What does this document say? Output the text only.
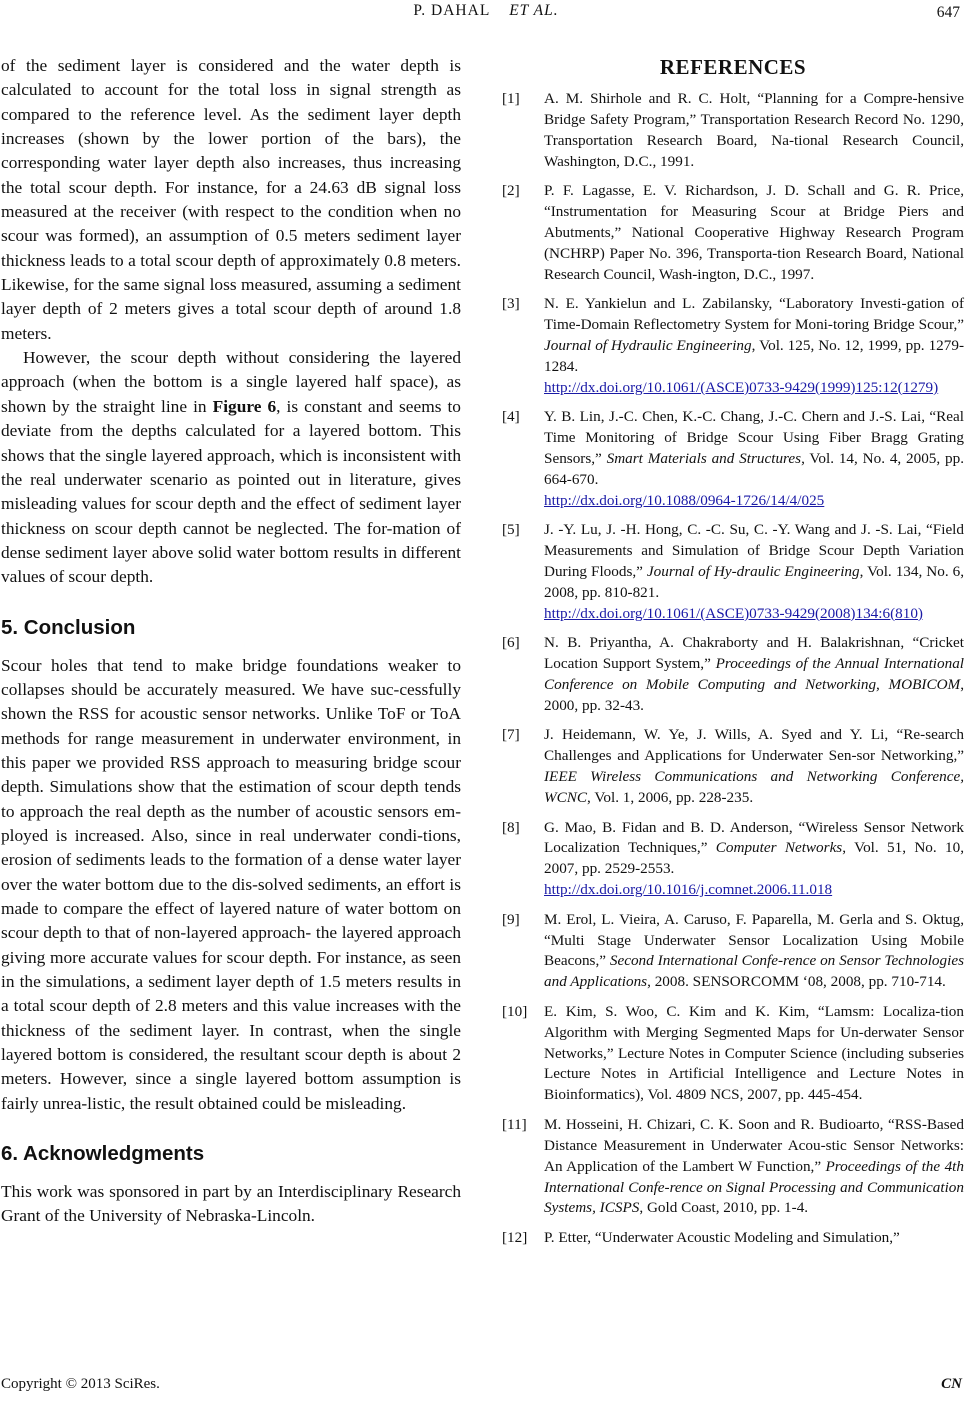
P. DAHAL ET AL.	647

of the sediment layer is considered and the water depth is calculated to account for the total loss in signal strength as compared to the reference level. As the sediment layer depth increases (shown by the lower portion of the bars), the corresponding water layer depth also increases, thus increasing the total scour depth. For instance, for a 24.63 dB signal loss measured at the receiver (with respect to the condition when no scour was formed), an assumption of 0.5 meters sediment layer thickness leads to a total scour depth of approximately 0.8 meters. Likewise, for the same signal loss measured, assuming a sediment layer depth of 2 meters gives a total scour depth of around 1.8 meters.

However, the scour depth without considering the layered approach (when the bottom is a single layered half space), as shown by the straight line in Figure 6, is constant and seems to deviate from the depths calculated for a layered bottom. This shows that the single layered approach, which is inconsistent with the real underwater scenario as pointed out in literature, gives misleading values for scour depth and the effect of sediment layer thickness on scour depth cannot be neglected. The for-mation of dense sediment layer above solid water bottom results in different values of scour depth.

5. Conclusion

Scour holes that tend to make bridge foundations weaker to collapses should be accurately measured. We have suc-cessfully shown the RSS for acoustic sensor networks. Unlike ToF or ToA methods for range measurement in underwater environment, in this paper we provided RSS approach to measuring bridge scour depth. Simulations show that the estimation of scour depth tends to approach the real depth as the number of acoustic sensors em-ployed is increased. Also, since in real underwater condi-tions, erosion of sediments leads to the formation of a dense water layer over the water bottom due to the dis-solved sediments, an effort is made to compare the effect of layered nature of water bottom on scour depth to that of non-layered approach- the layered approach giving more accurate values for scour depth. For instance, as seen in the simulations, a sediment layer depth of 1.5 meters results in a total scour depth of 2.8 meters and this value increases with the thickness of the sediment layer. In contrast, when the single layered bottom is considered, the resultant scour depth is about 2 meters. However, since a single layered bottom assumption is fairly unrea-listic, the result obtained could be misleading.

6. Acknowledgments

This work was sponsored in part by an Interdisciplinary Research Grant of the University of Nebraska-Lincoln.

REFERENCES
[1] A. M. Shirhole and R. C. Holt, “Planning for a Compre-hensive Bridge Safety Program,” Transportation Research Record No. 1290, Transportation Research Board, Na-tional Research Council, Washington, D.C., 1991.
[2] P. F. Lagasse, E. V. Richardson, J. D. Schall and G. R. Price, “Instrumentation for Measuring Scour at Bridge Piers and Abutments,” National Cooperative Highway Research Program (NCHRP) Paper No. 396, Transporta-tion Research Board, National Research Council, Wash-ington, D.C., 1997.
[3] N. E. Yankielun and L. Zabilansky, “Laboratory Investi-gation of Time-Domain Reflectometry System for Moni-toring Bridge Scour,” Journal of Hydraulic Engineering, Vol. 125, No. 12, 1999, pp. 1279-1284.
http://dx.doi.org/10.1061/(ASCE)0733-9429(1999)125:12(1279)
[4] Y. B. Lin, J.-C. Chen, K.-C. Chang, J.-C. Chern and J.-S. Lai, “Real Time Monitoring of Bridge Scour Using Fiber Bragg Grating Sensors,” Smart Materials and Structures, Vol. 14, No. 4, 2005, pp. 664-670.
http://dx.doi.org/10.1088/0964-1726/14/4/025
[5] J. -Y. Lu, J. -H. Hong, C. -C. Su, C. -Y. Wang and J. -S. Lai, “Field Measurements and Simulation of Bridge Scour Depth Variation During Floods,” Journal of Hy-draulic Engineering, Vol. 134, No. 6, 2008, pp. 810-821.
http://dx.doi.org/10.1061/(ASCE)0733-9429(2008)134:6(810)
[6] N. B. Priyantha, A. Chakraborty and H. Balakrishnan, “Cricket Location Support System,” Proceedings of the Annual International Conference on Mobile Computing and Networking, MOBICOM, 2000, pp. 32-43.
[7] J. Heidemann, W. Ye, J. Wills, A. Syed and Y. Li, “Re-search Challenges and Applications for Underwater Sen-sor Networking,” IEEE Wireless Communications and Networking Conference, WCNC, Vol. 1, 2006, pp. 228-235.
[8] G. Mao, B. Fidan and B. D. Anderson, “Wireless Sensor Network Localization Techniques,” Computer Networks, Vol. 51, No. 10, 2007, pp. 2529-2553.
http://dx.doi.org/10.1016/j.comnet.2006.11.018
[9] M. Erol, L. Vieira, A. Caruso, F. Paparella, M. Gerla and S. Oktug, “Multi Stage Underwater Sensor Localization Using Mobile Beacons,” Second International Confe-rence on Sensor Technologies and Applications, 2008. SENSORCOMM ‘08, 2008, pp. 710-714.
[10] E. Kim, S. Woo, C. Kim and K. Kim, “Lamsm: Localiza-tion Algorithm with Merging Segmented Maps for Un-derwater Sensor Networks,” Lecture Notes in Computer Science (including subseries Lecture Notes in Artificial Intelligence and Lecture Notes in Bioinformatics), Vol. 4809 NCS, 2007, pp. 445-454.
[11] M. Hosseini, H. Chizari, C. K. Soon and R. Budioarto, “RSS-Based Distance Measurement in Underwater Acou-stic Sensor Networks: An Application of the Lambert W Function,” Proceedings of the 4th International Confe-rence on Signal Processing and Communication Systems, ICSPS, Gold Coast, 2010, pp. 1-4.
[12] P. Etter, “Underwater Acoustic Modeling and Simulation,”
Copyright © 2013 SciRes.	CN
